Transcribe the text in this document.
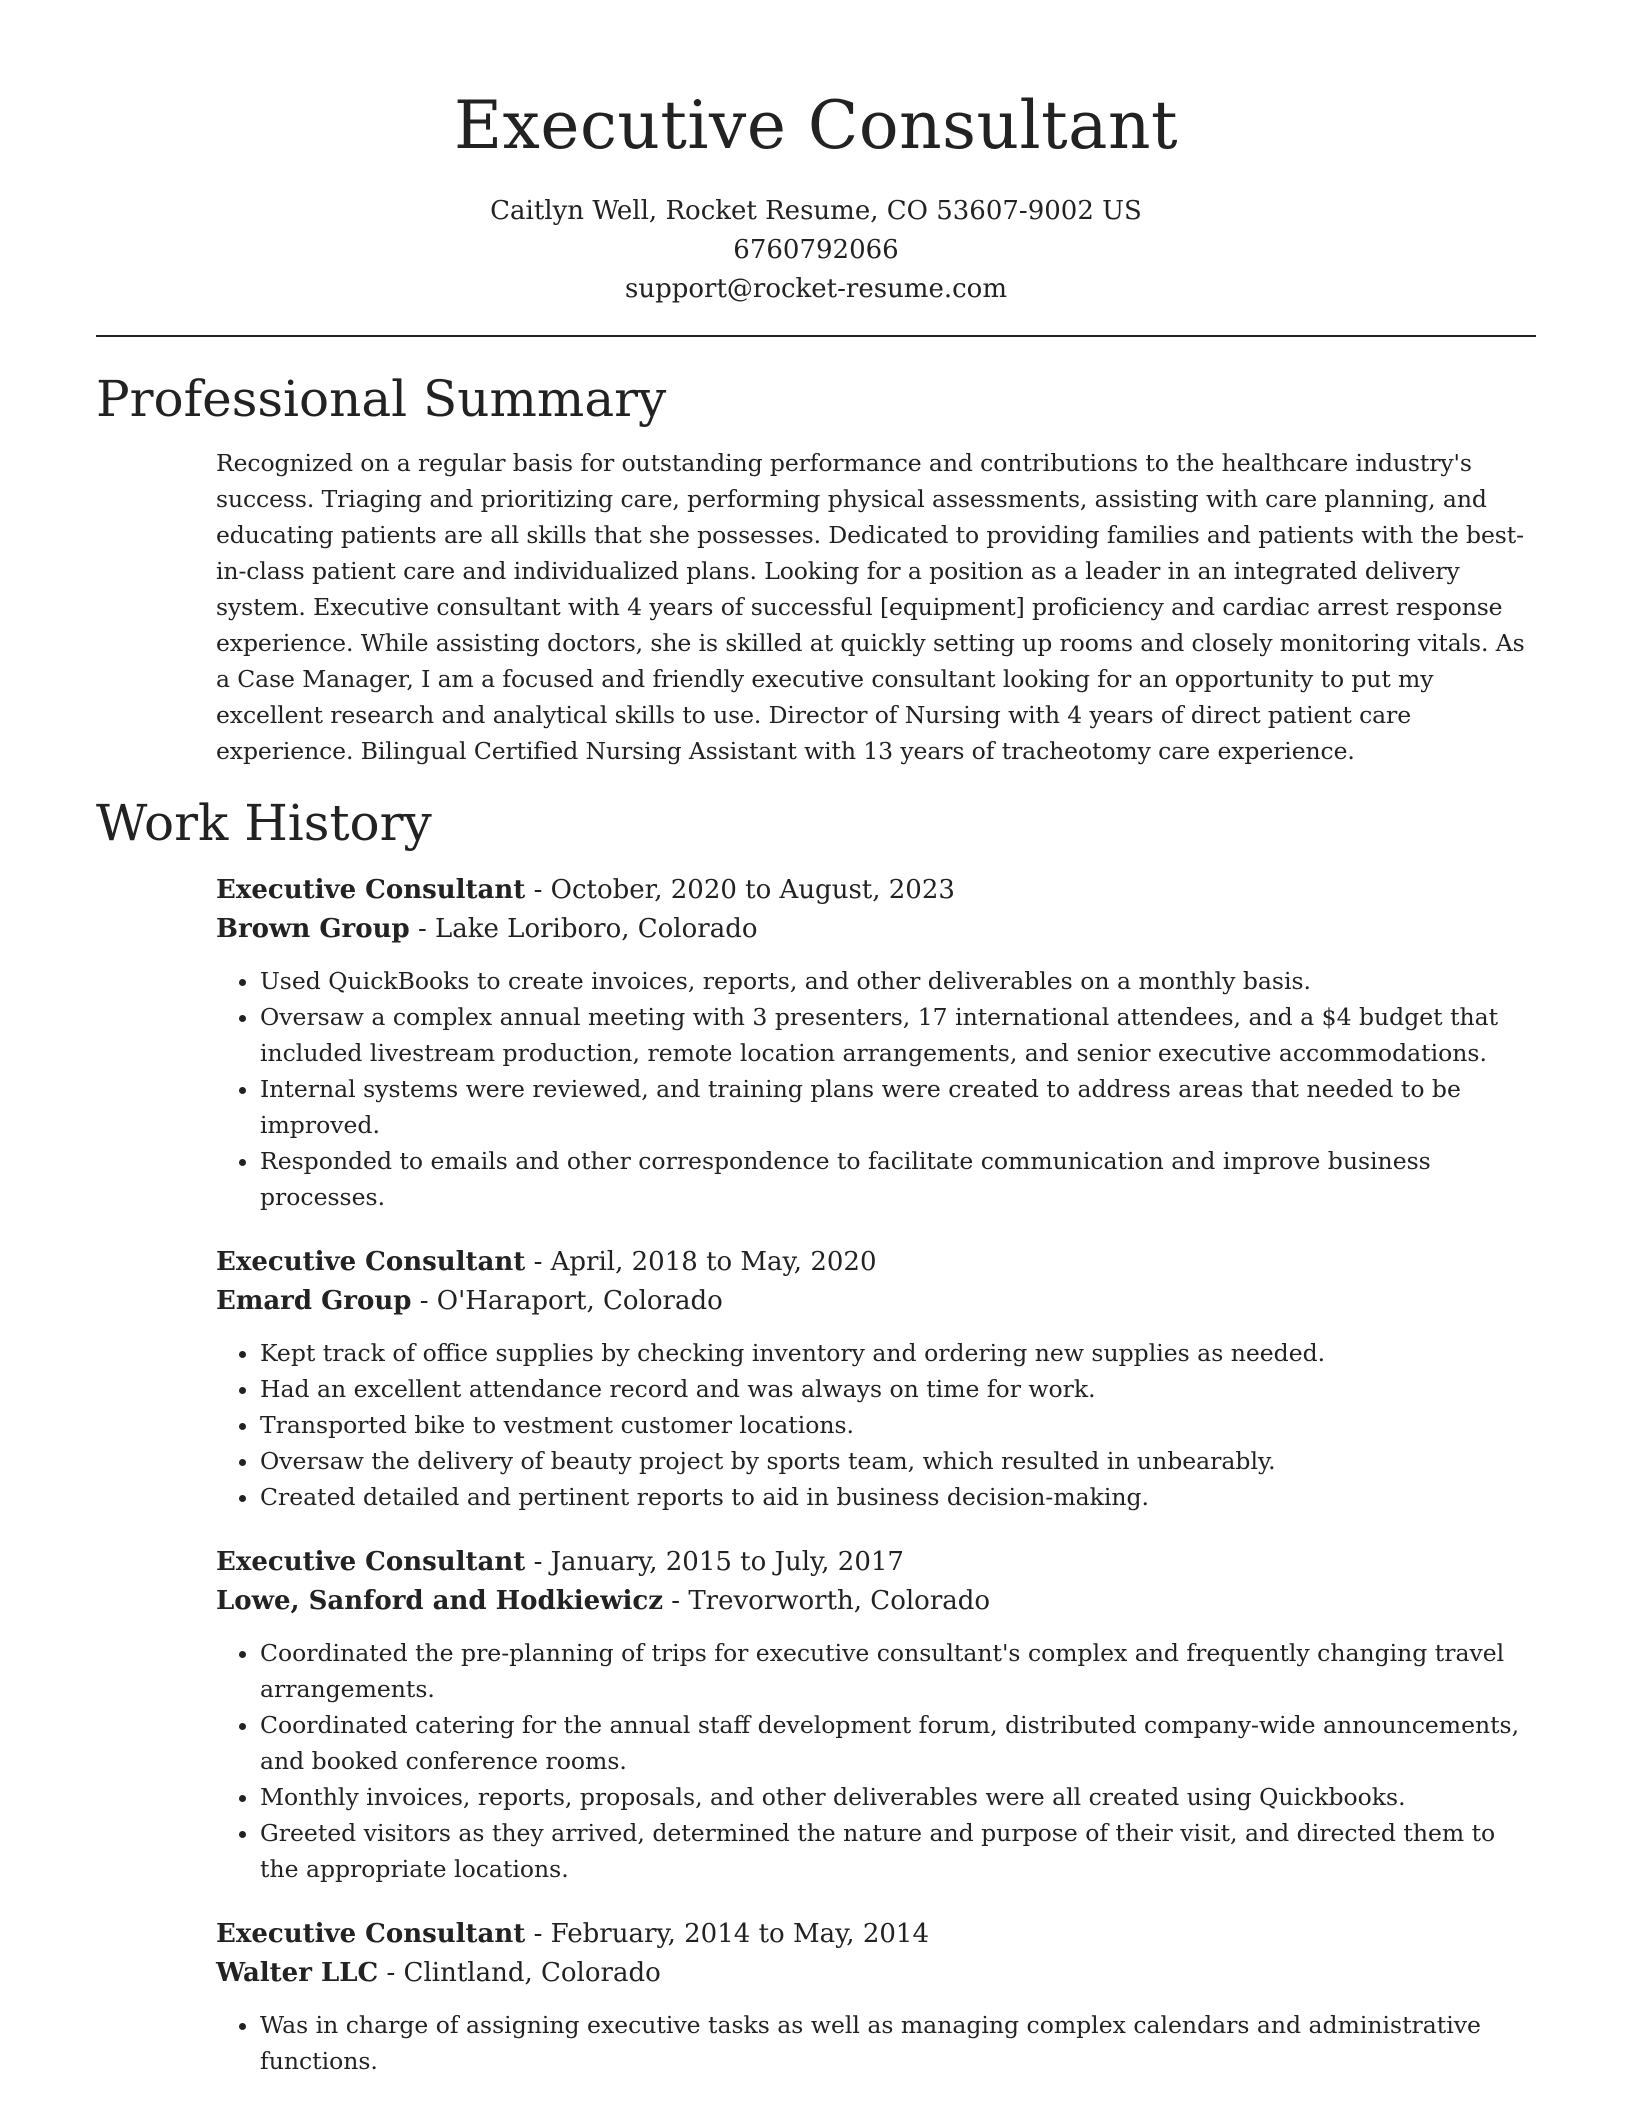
Executive Consultant
Caitlyn Well, Rocket Resume, CO 53607-9002 US
6760792066
support@rocket-resume.com
Professional Summary

Recognized on a regular basis for outstanding performance and contributions to the healthcare industry's success. Triaging and prioritizing care, performing physical assessments, assisting with care planning, and educating patients are all skills that she possesses. Dedicated to providing families and patients with the best-in-class patient care and individualized plans. Looking for a position as a leader in an integrated delivery system. Executive consultant with 4 years of successful [equipment] proficiency and cardiac arrest response experience. While assisting doctors, she is skilled at quickly setting up rooms and closely monitoring vitals. As a Case Manager, I am a focused and friendly executive consultant looking for an opportunity to put my excellent research and analytical skills to use. Director of Nursing with 4 years of direct patient care experience. Bilingual Certified Nursing Assistant with 13 years of tracheotomy care experience.

Work History
Executive Consultant - October, 2020 to August, 2023
Brown Group - Lake Loriboro, Colorado
• Used QuickBooks to create invoices, reports, and other deliverables on a monthly basis.
• Oversaw a complex annual meeting with 3 presenters, 17 international attendees, and a $4 budget that included livestream production, remote location arrangements, and senior executive accommodations.
• Internal systems were reviewed, and training plans were created to address areas that needed to be improved.
• Responded to emails and other correspondence to facilitate communication and improve business processes.
Executive Consultant - April, 2018 to May, 2020
Emard Group - O'Haraport, Colorado
• Kept track of office supplies by checking inventory and ordering new supplies as needed.
• Had an excellent attendance record and was always on time for work.
• Transported bike to vestment customer locations.
• Oversaw the delivery of beauty project by sports team, which resulted in unbearably.
• Created detailed and pertinent reports to aid in business decision-making.
Executive Consultant - January, 2015 to July, 2017
Lowe, Sanford and Hodkiewicz - Trevorworth, Colorado
• Coordinated the pre-planning of trips for executive consultant's complex and frequently changing travel arrangements.
• Coordinated catering for the annual staff development forum, distributed company-wide announcements, and booked conference rooms.
• Monthly invoices, reports, proposals, and other deliverables were all created using Quickbooks.
• Greeted visitors as they arrived, determined the nature and purpose of their visit, and directed them to the appropriate locations.
Executive Consultant - February, 2014 to May, 2014
Walter LLC - Clintland, Colorado
• Was in charge of assigning executive tasks as well as managing complex calendars and administrative functions.
